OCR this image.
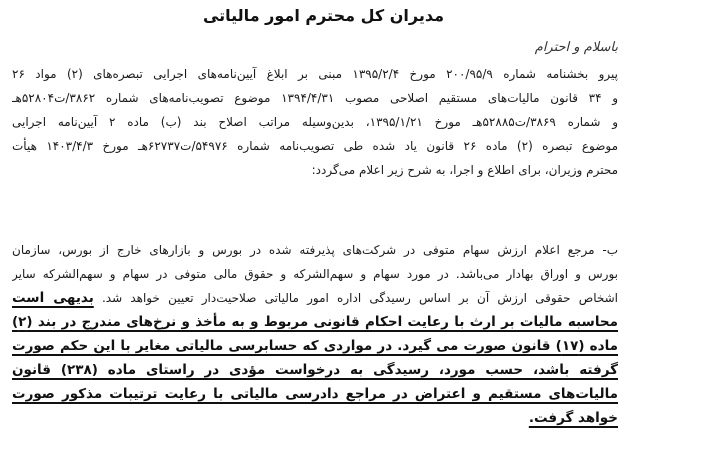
مدیران کل محترم امور مالیاتی
باسلام و احترام
پیرو بخشنامه شماره ۲۰۰/۹۵/۹ مورخ ۱۳۹۵/۲/۴ مبنی بر ابلاغ آیین‌نامه‌های اجرایی تبصره‌های (۲) مواد ۲۶
و ۳۴ قانون مالیات‌های مستقیم اصلاحی مصوب ۱۳۹۴/۴/۳۱ موضوع تصویب‌نامه‌های شماره ۳۸۶۲/ت۵۲۸۰۴هـ
و شماره ۳۸۶۹/ت۵۲۸۸۵هـ مورخ ۱۳۹۵/۱/۲۱، بدین‌وسیله مراتب اصلاح بند (ب) ماده ۲ آیین‌نامه اجرایی
موضوع تبصره (۲) ماده ۲۶ قانون یاد شده طی تصویب‌نامه شماره ۵۴۹۷۶/ت۶۲۷۳۷هـ مورخ ۱۴۰۳/۴/۳ هیأت
محترم وزیران، برای اطلاع و اجرا، به شرح زیر اعلام می‌گردد:
ب- مرجع اعلام ارزش سهام متوفی در شرکت‌های پذیرفته شده در بورس و بازارهای خارج از بورس، سازمان
بورس و اوراق بهادار می‌باشد. در مورد سهام و سهم‌الشرکه و حقوق مالی متوفی در سهام و سهم‌الشرکه سایر
اشخاص حقوقی ارزش آن بر اساس رسیدگی اداره امور مالیاتی صلاحیت‌دار تعیین خواهد شد. بدیهی است
محاسبه مالیات بر ارث با رعایت احکام قانونی مربوط و به مأخذ و نرخ‌های مندرج در بند (۲)
ماده (۱۷) قانون صورت می گیرد. در مواردی که حسابرسی مالیاتی مغایر با این حکم صورت
گرفته باشد، حسب مورد، رسیدگی به درخواست مؤدی در راستای ماده (۲۳۸) قانون
مالیات‌های مستقیم و اعتراض در مراجع دادرسی مالیاتی با رعایت ترتیبات مذکور صورت
خواهد گرفت.
